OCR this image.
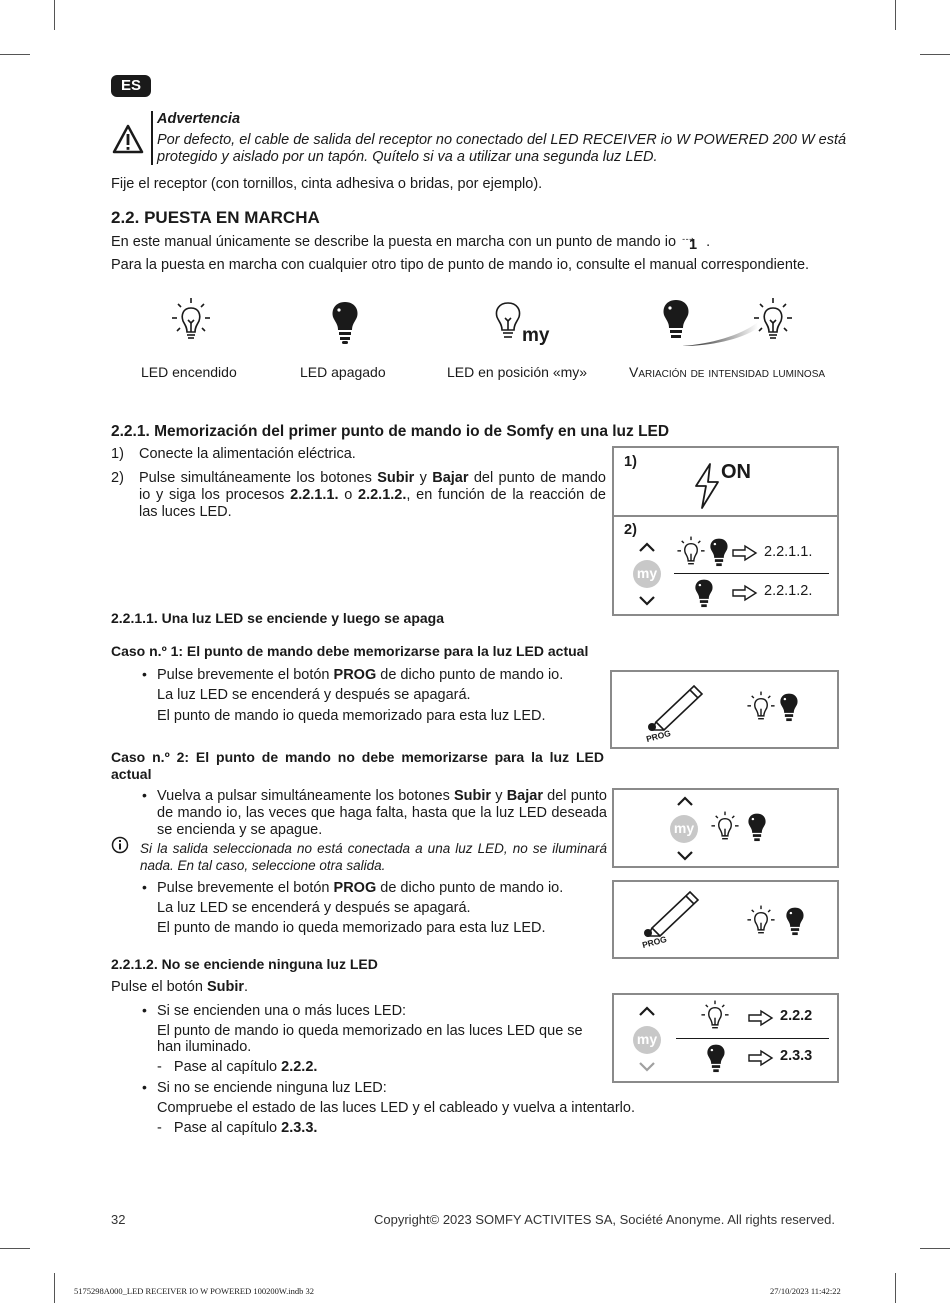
ES
Advertencia
Por defecto, el cable de salida del receptor no conectado del LED RECEIVER io W POWERED 200 W está
protegido y aislado por un tapón. Quítelo si va a utilizar una segunda luz LED.
Fije el receptor (con tornillos, cinta adhesiva o bridas, por ejemplo).
2.2. PUESTA EN MARCHA
En este manual únicamente se describe la puesta en marcha con un punto de mando io - - -›
1 .
Para la puesta en marcha con cualquier otro tipo de punto de mando io, consulte el manual correspondiente.
my
LED encendido	LED apagado	LED en posición «my»	Variación de intensidad luminosa
2.2.1. Memorización del primer punto de mando io de Somfy en una luz LED
1) Conecte la alimentación eléctrica.
2) Pulse simultáneamente los botones Subir y Bajar del punto de mando io y siga los procesos 2.2.1.1. o 2.2.1.2., en función de la reacción de las luces LED.
1)	ON
2)
my
2.2.1.1.
2.2.1.2.
2.2.1.1. Una luz LED se enciende y luego se apaga
Caso n.º 1: El punto de mando debe memorizarse para la luz LED actual
• Pulse brevemente el botón PROG de dicho punto de mando io.
La luz LED se encenderá y después se apagará.
El punto de mando io queda memorizado para esta luz LED.
PROG
Caso n.º 2: El punto de mando no debe memorizarse para la luz LED actual
• Vuelva a pulsar simultáneamente los botones Subir y Bajar del punto de mando io, las veces que haga falta, hasta que la luz LED deseada se encienda y se apague.
Si la salida seleccionada no está conectada a una luz LED, no se iluminará nada. En tal caso, seleccione otra salida.
my
• Pulse brevemente el botón PROG de dicho punto de mando io.
La luz LED se encenderá y después se apagará.
El punto de mando io queda memorizado para esta luz LED.
PROG
2.2.1.2. No se enciende ninguna luz LED
Pulse el botón Subir.
• Si se encienden una o más luces LED:
El punto de mando io queda memorizado en las luces LED que se
han iluminado.
-   Pase al capítulo 2.2.2.
• Si no se enciende ninguna luz LED:
Compruebe el estado de las luces LED y el cableado y vuelva a intentarlo.
-   Pase al capítulo 2.3.3.
my
2.2.2
2.3.3
32	Copyright© 2023 SOMFY ACTIVITES SA, Société Anonyme. All rights reserved.
5175298A000_LED RECEIVER IO W POWERED 100200W.indb 32	27/10/2023 11:42:22
